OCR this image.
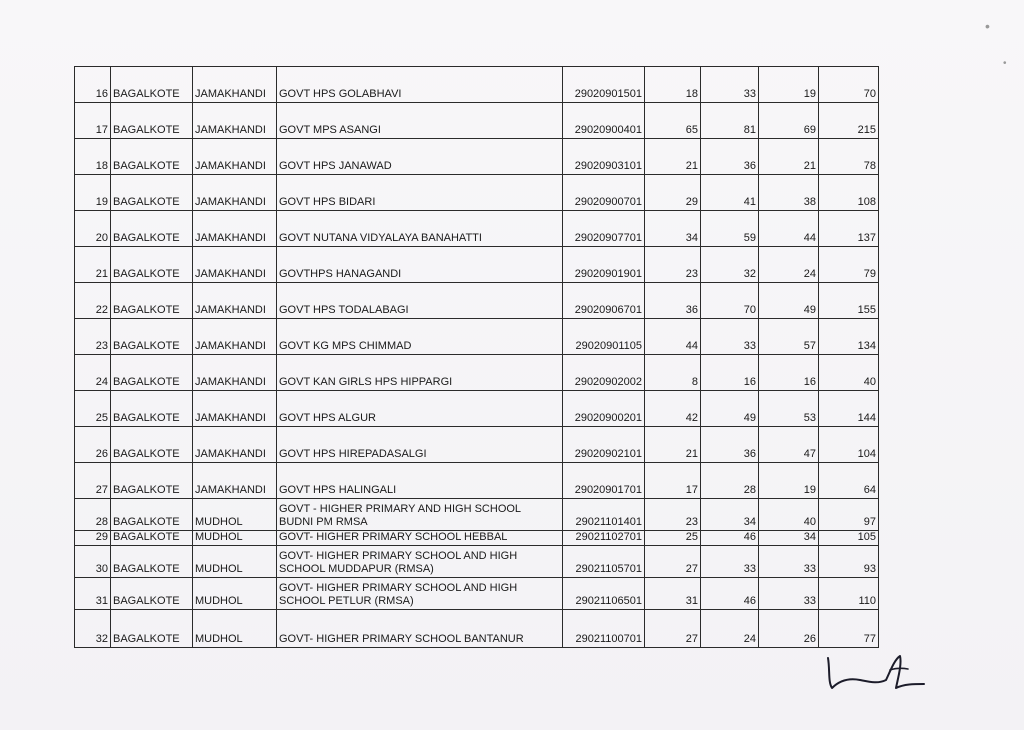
•
•
16	BAGALKOTE	JAMAKHANDI	GOVT HPS GOLABHAVI	29020901501	18	33	19	70
17	BAGALKOTE	JAMAKHANDI	GOVT MPS ASANGI	29020900401	65	81	69	215
18	BAGALKOTE	JAMAKHANDI	GOVT HPS JANAWAD	29020903101	21	36	21	78
19	BAGALKOTE	JAMAKHANDI	GOVT HPS BIDARI	29020900701	29	41	38	108
20	BAGALKOTE	JAMAKHANDI	GOVT NUTANA VIDYALAYA BANAHATTI	29020907701	34	59	44	137
21	BAGALKOTE	JAMAKHANDI	GOVTHPS HANAGANDI	29020901901	23	32	24	79
22	BAGALKOTE	JAMAKHANDI	GOVT HPS TODALABAGI	29020906701	36	70	49	155
23	BAGALKOTE	JAMAKHANDI	GOVT KG MPS CHIMMAD	29020901105	44	33	57	134
24	BAGALKOTE	JAMAKHANDI	GOVT KAN GIRLS HPS HIPPARGI	29020902002	8	16	16	40
25	BAGALKOTE	JAMAKHANDI	GOVT HPS ALGUR	29020900201	42	49	53	144
26	BAGALKOTE	JAMAKHANDI	GOVT HPS HIREPADASALGI	29020902101	21	36	47	104
27	BAGALKOTE	JAMAKHANDI	GOVT HPS HALINGALI	29020901701	17	28	19	64
28	BAGALKOTE	MUDHOL	GOVT - HIGHER PRIMARY AND HIGH SCHOOL
BUDNI PM RMSA	29021101401	23	34	40	97
29	BAGALKOTE	MUDHOL	GOVT- HIGHER PRIMARY SCHOOL HEBBAL	29021102701	25	46	34	105
30	BAGALKOTE	MUDHOL	GOVT- HIGHER PRIMARY SCHOOL AND HIGH
SCHOOL MUDDAPUR (RMSA)	29021105701	27	33	33	93
31	BAGALKOTE	MUDHOL	GOVT- HIGHER PRIMARY SCHOOL AND HIGH
SCHOOL PETLUR (RMSA)	29021106501	31	46	33	110
32	BAGALKOTE	MUDHOL	GOVT- HIGHER PRIMARY SCHOOL BANTANUR	29021100701	27	24	26	77
